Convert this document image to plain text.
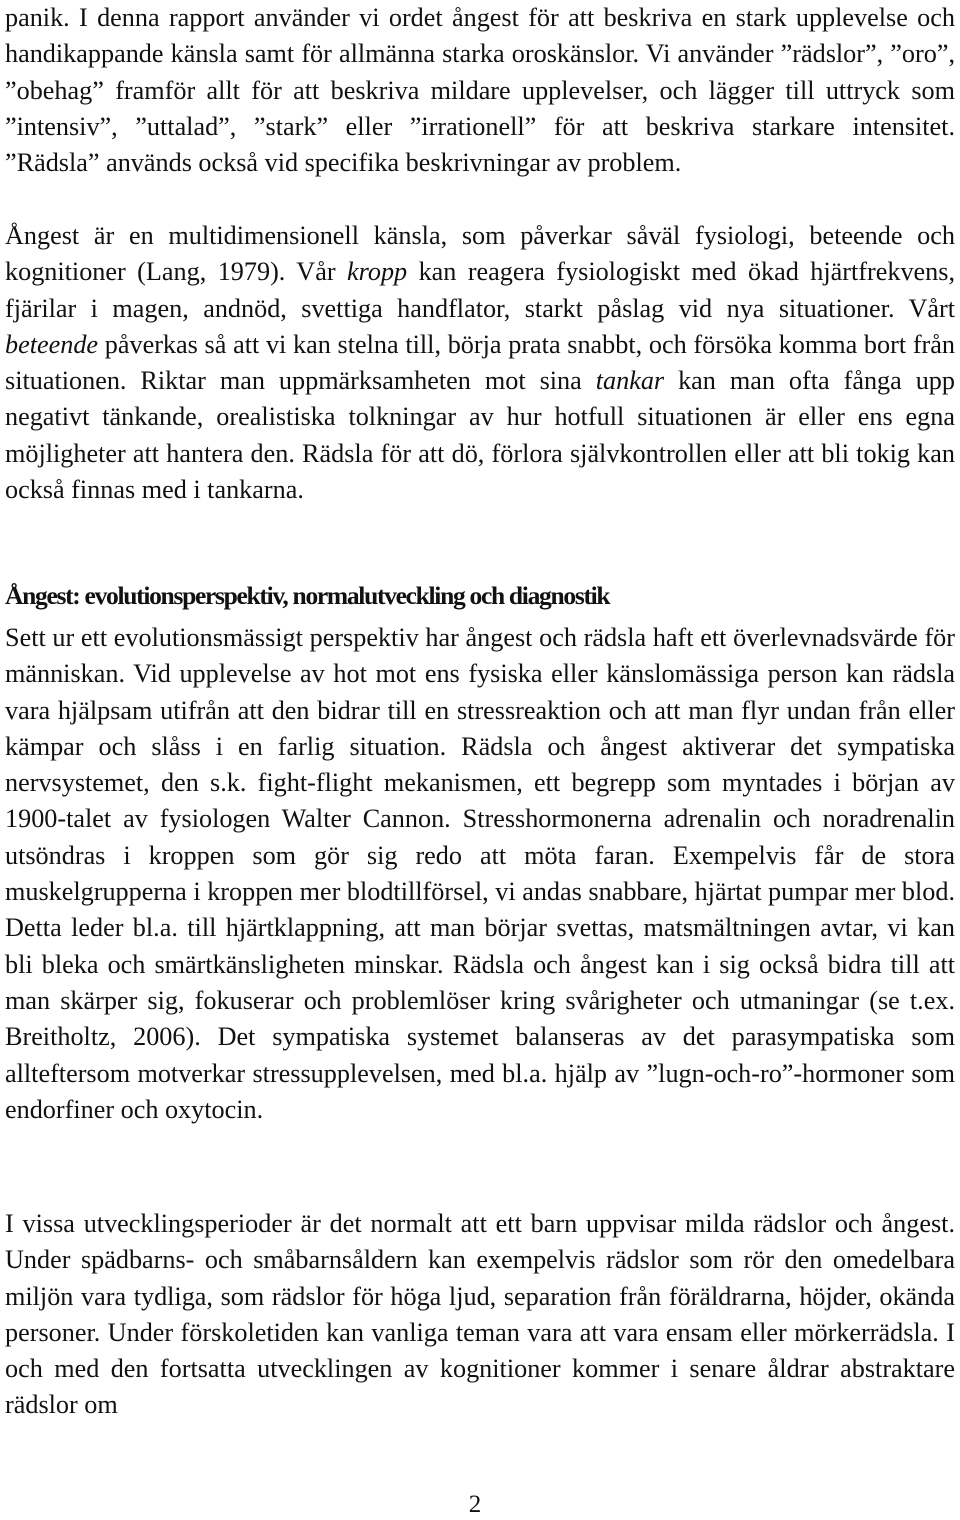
panik. I denna rapport använder vi ordet ångest för att beskriva en stark upplevelse och handikappande känsla samt för allmänna starka oroskänslor. Vi använder ”rädslor”, ”oro”, ”obehag” framför allt för att beskriva mildare upplevelser, och lägger till uttryck som ”intensiv”, ”uttalad”, ”stark” eller ”irrationell” för att beskriva starkare intensitet. ”Rädsla” används också vid specifika beskrivningar av problem.

Ångest är en multidimensionell känsla, som påverkar såväl fysiologi, beteende och kognitioner (Lang, 1979). Vår kropp kan reagera fysiologiskt med ökad hjärtfrekvens, fjärilar i magen, andnöd, svettiga handflator, starkt påslag vid nya situationer. Vårt beteende påverkas så att vi kan stelna till, börja prata snabbt, och försöka komma bort från situationen. Riktar man uppmärksamheten mot sina tankar kan man ofta fånga upp negativt tänkande, orealistiska tolkningar av hur hotfull situationen är eller ens egna möjligheter att hantera den. Rädsla för att dö, förlora självkontrollen eller att bli tokig kan också finnas med i tankarna.

Ångest: evolutionsperspektiv, normalutveckling och diagnostik

Sett ur ett evolutionsmässigt perspektiv har ångest och rädsla haft ett överlevnadsvärde för människan. Vid upplevelse av hot mot ens fysiska eller känslomässiga person kan rädsla vara hjälpsam utifrån att den bidrar till en stressreaktion och att man flyr undan från eller kämpar och slåss i en farlig situation. Rädsla och ångest aktiverar det sympatiska nervsystemet, den s.k. fight-flight mekanismen, ett begrepp som myntades i början av 1900-talet av fysiologen Walter Cannon. Stresshormonerna adrenalin och noradrenalin utsöndras i kroppen som gör sig redo att möta faran. Exempelvis får de stora muskelgrupperna i kroppen mer blodtillförsel, vi andas snabbare, hjärtat pumpar mer blod. Detta leder bl.a. till hjärtklappning, att man börjar svettas, matsmältningen avtar, vi kan bli bleka och smärtkänsligheten minskar. Rädsla och ångest kan i sig också bidra till att man skärper sig, fokuserar och problemlöser kring svårigheter och utmaningar (se t.ex. Breitholtz, 2006). Det sympatiska systemet balanseras av det parasympatiska som allteftersom motverkar stressupplevelsen, med bl.a. hjälp av ”lugn-och-ro”-hormoner som endorfiner och oxytocin.

I vissa utvecklingsperioder är det normalt att ett barn uppvisar milda rädslor och ångest. Under spädbarns- och småbarnsåldern kan exempelvis rädslor som rör den omedelbara miljön vara tydliga, som rädslor för höga ljud, separation från föräldrarna, höjder, okända personer. Under förskoletiden kan vanliga teman vara att vara ensam eller mörkerrädsla. I och med den fortsatta utvecklingen av kognitioner kommer i senare åldrar abstraktare rädslor om

2
